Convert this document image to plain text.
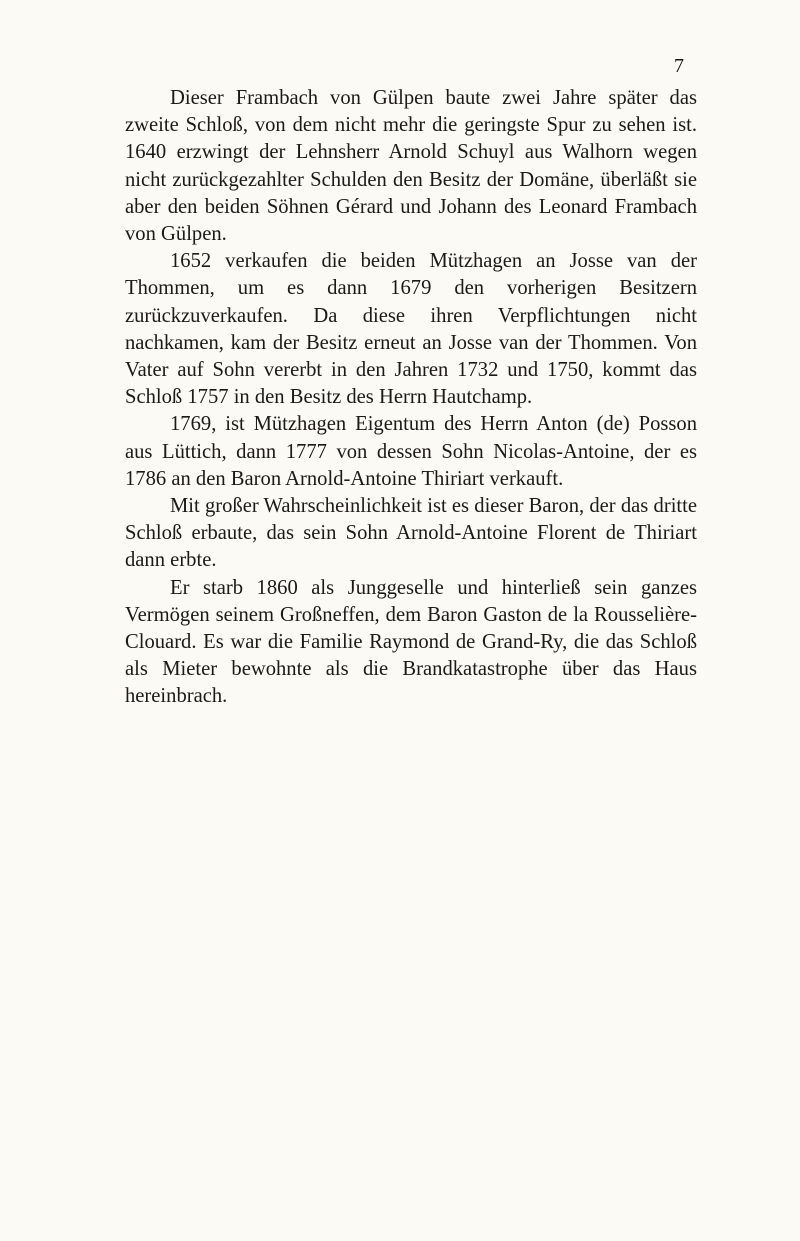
7

Dieser Frambach von Gülpen baute zwei Jahre später das zweite Schloß, von dem nicht mehr die geringste Spur zu sehen ist. 1640 erzwingt der Lehnsherr Arnold Schuyl aus Walhorn wegen nicht zurückgezahlter Schulden den Besitz der Domäne, überläßt sie aber den beiden Söhnen Gérard und Johann des Leonard Frambach von Gülpen.

1652 verkaufen die beiden Mützhagen an Josse van der Thommen, um es dann 1679 den vorherigen Besitzern zurückzuverkaufen. Da diese ihren Verpflichtungen nicht nachkamen, kam der Besitz erneut an Josse van der Thommen. Von Vater auf Sohn vererbt in den Jahren 1732 und 1750, kommt das Schloß 1757 in den Besitz des Herrn Hautchamp.

1769, ist Mützhagen Eigentum des Herrn Anton (de) Posson aus Lüttich, dann 1777 von dessen Sohn Nicolas-Antoine, der es 1786 an den Baron Arnold-Antoine Thiriart verkauft.

Mit großer Wahrscheinlichkeit ist es dieser Baron, der das dritte Schloß erbaute, das sein Sohn Arnold-Antoine Florent de Thiriart dann erbte.

Er starb 1860 als Junggeselle und hinterließ sein ganzes Vermögen seinem Großneffen, dem Baron Gaston de la Rousselière-Clouard. Es war die Familie Raymond de Grand-Ry, die das Schloß als Mieter bewohnte als die Brandkatastrophe über das Haus hereinbrach.
